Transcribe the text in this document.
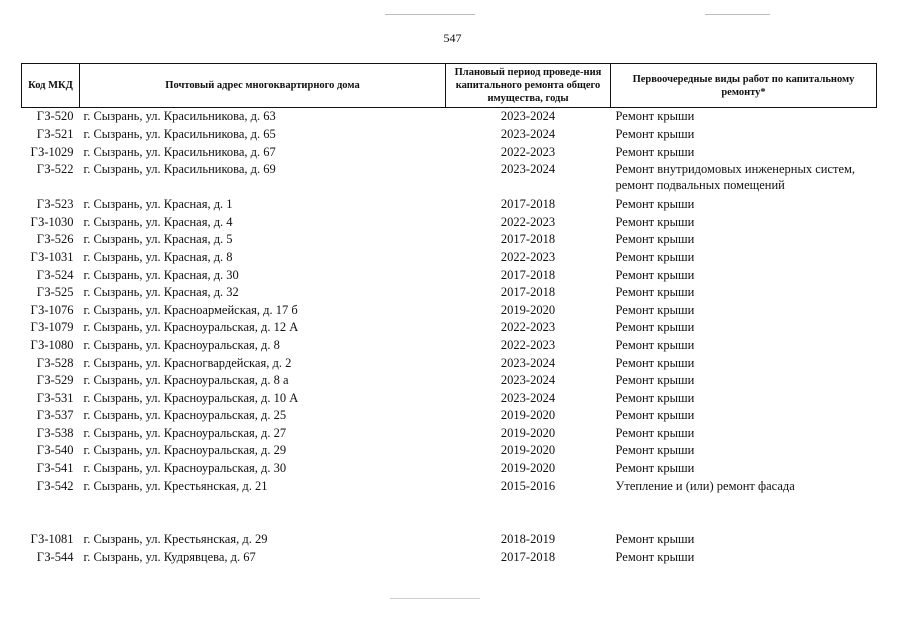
547
Код МКД	Почтовый адрес многоквартирного дома	Плановый период проведе-ния капитального ремонта общего имущества, годы	Первоочередные виды работ по капитальному ремонту*
ГЗ-520	г. Сызрань, ул. Красильникова, д. 63	2023-2024	Ремонт крыши
ГЗ-521	г. Сызрань, ул. Красильникова, д. 65	2023-2024	Ремонт крыши
ГЗ-1029	г. Сызрань, ул. Красильникова, д. 67	2022-2023	Ремонт крыши
ГЗ-522	г. Сызрань, ул. Красильникова, д. 69	2023-2024	Ремонт внутридомовых инженерных систем, ремонт подвальных помещений
ГЗ-523	г. Сызрань, ул. Красная, д. 1	2017-2018	Ремонт крыши
ГЗ-1030	г. Сызрань, ул. Красная, д. 4	2022-2023	Ремонт крыши
ГЗ-526	г. Сызрань, ул. Красная, д. 5	2017-2018	Ремонт крыши
ГЗ-1031	г. Сызрань, ул. Красная, д. 8	2022-2023	Ремонт крыши
ГЗ-524	г. Сызрань, ул. Красная, д. 30	2017-2018	Ремонт крыши
ГЗ-525	г. Сызрань, ул. Красная, д. 32	2017-2018	Ремонт крыши
ГЗ-1076	г. Сызрань, ул. Красноармейская, д. 17 б	2019-2020	Ремонт крыши
ГЗ-1079	г. Сызрань, ул. Красноуральская, д. 12 А	2022-2023	Ремонт крыши
ГЗ-1080	г. Сызрань, ул. Красноуральская, д. 8	2022-2023	Ремонт крыши
ГЗ-528	г. Сызрань, ул. Красногвардейская, д. 2	2023-2024	Ремонт крыши
ГЗ-529	г. Сызрань, ул. Красноуральская, д. 8 а	2023-2024	Ремонт крыши
ГЗ-531	г. Сызрань, ул. Красноуральская, д. 10 А	2023-2024	Ремонт крыши
ГЗ-537	г. Сызрань, ул. Красноуральская, д. 25	2019-2020	Ремонт крыши
ГЗ-538	г. Сызрань, ул. Красноуральская, д. 27	2019-2020	Ремонт крыши
ГЗ-540	г. Сызрань, ул. Красноуральская, д. 29	2019-2020	Ремонт крыши
ГЗ-541	г. Сызрань, ул. Красноуральская, д. 30	2019-2020	Ремонт крыши
ГЗ-542	г. Сызрань, ул. Крестьянская, д. 21	2015-2016	Утепление и (или) ремонт фасада

ГЗ-1081	г. Сызрань, ул. Крестьянская, д. 29	2018-2019	Ремонт крыши
ГЗ-544	г. Сызрань, ул. Кудрявцева, д. 67	2017-2018	Ремонт крыши
